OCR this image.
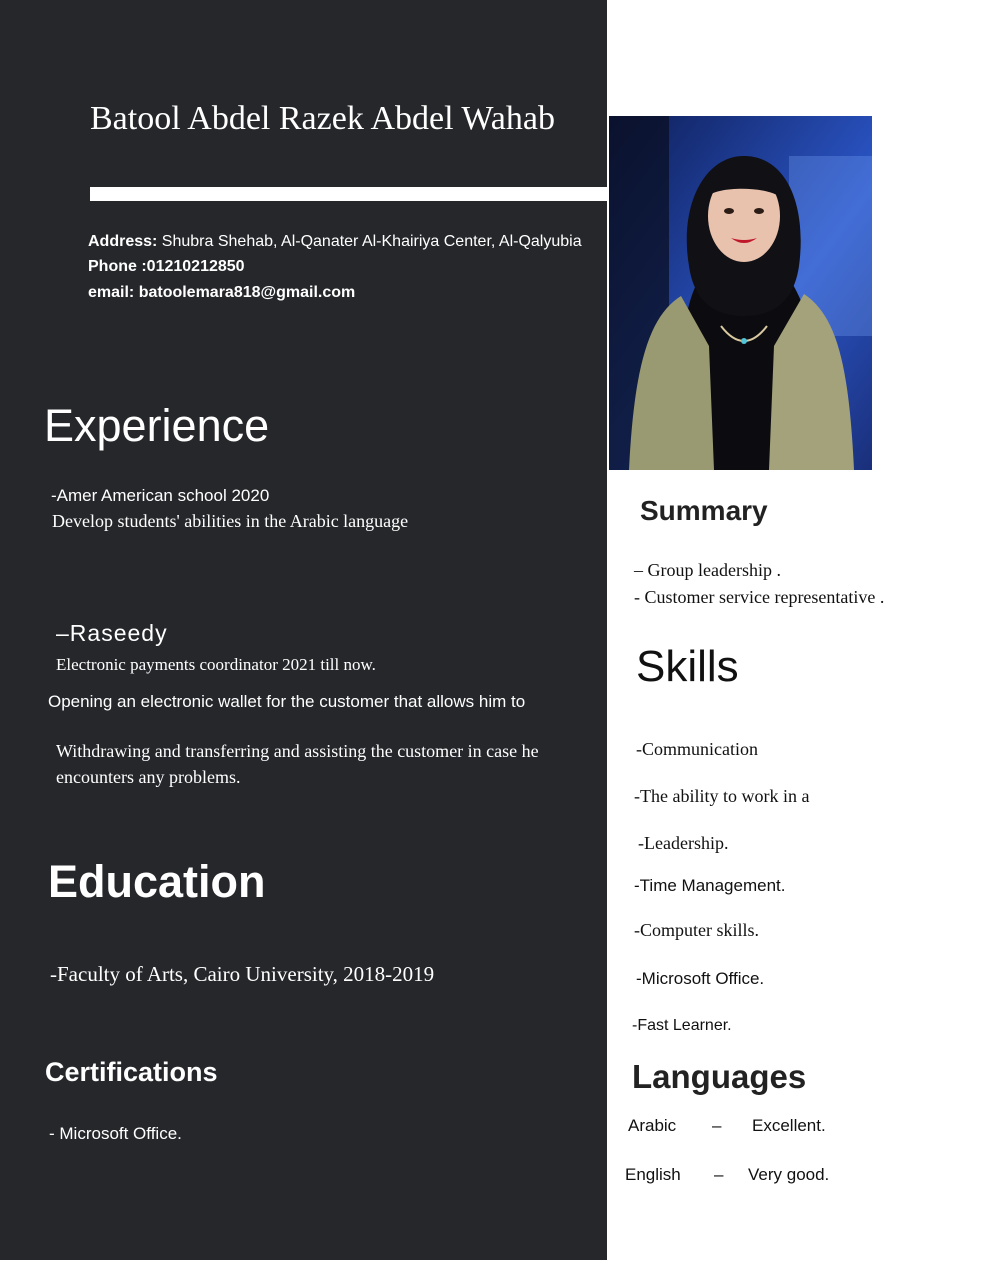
Batool Abdel Razek Abdel Wahab
Address: Shubra Shehab, Al-Qanater Al-Khairiya Center, Al-Qalyubia
Phone :01210212850
email: batoolemara818@gmail.com
Experience
-Amer American school 2020
Develop students' abilities in the Arabic language
–Raseedy
Electronic payments coordinator 2021 till now.
Opening an electronic wallet for the customer that allows him to
Withdrawing and transferring and assisting the customer in case he
encounters any problems.
Education
-Faculty of Arts, Cairo University, 2018-2019
Certifications
- Microsoft Office.
Summary
– Group leadership .
- Customer service representative .
Skills
-Communication
-The ability to work in a
-Leadership.
-Time Management.
-Computer skills.
-Microsoft Office.
-Fast Learner.
Languages
Arabic – Excellent.
English – Very good.
